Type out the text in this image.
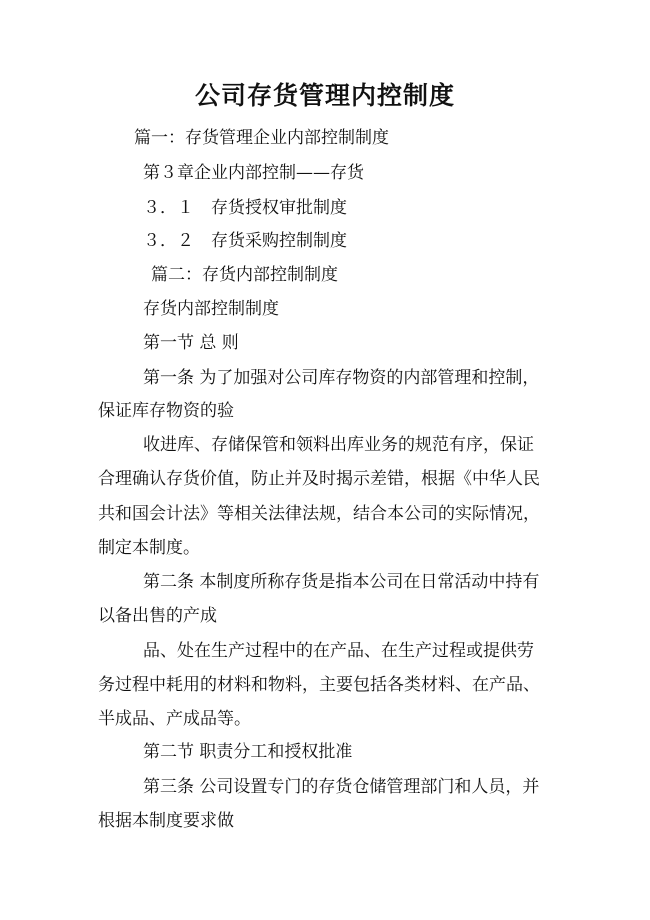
公司存货管理内控制度
篇一：存货管理企业内部控制制度
第３章企业内部控制——存货
３．１　存货授权审批制度
３．２　存货采购控制制度
篇二：存货内部控制制度
存货内部控制制度
第一节 总 则
第一条 为了加强对公司库存物资的内部管理和控制，
保证库存物资的验
收进库、存储保管和领料出库业务的规范有序，保证
合理确认存货价值，防止并及时揭示差错，根据《中华人民
共和国会计法》等相关法律法规，结合本公司的实际情况，
制定本制度。
第二条 本制度所称存货是指本公司在日常活动中持有
以备出售的产成
品、处在生产过程中的在产品、在生产过程或提供劳
务过程中耗用的材料和物料，主要包括各类材料、在产品、
半成品、产成品等。
第二节 职责分工和授权批准
第三条 公司设置专门的存货仓储管理部门和人员，并
根据本制度要求做
